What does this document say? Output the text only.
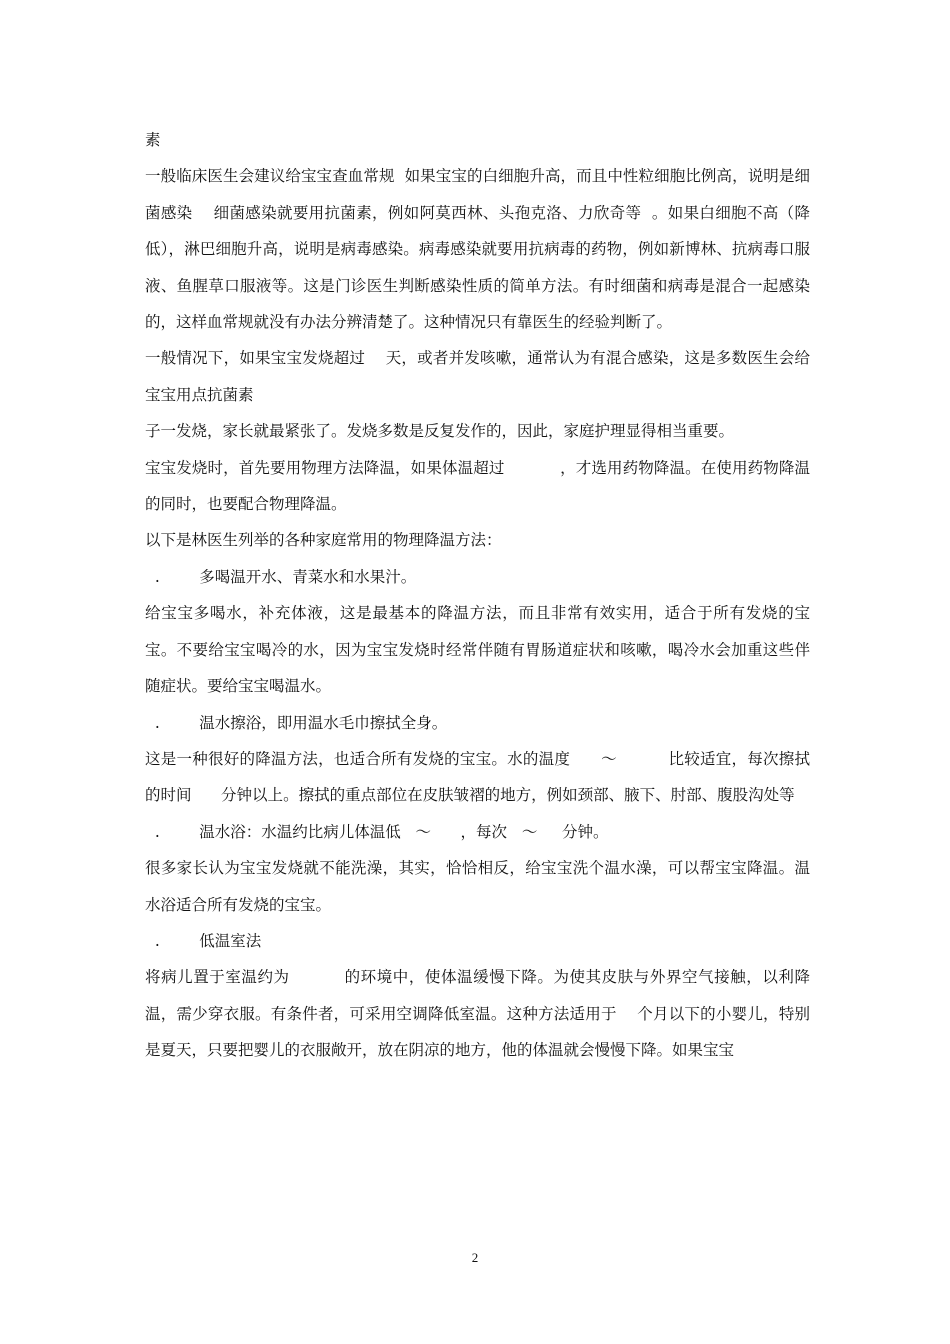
素

一般临床医生会建议给宝宝查血常规  如果宝宝的白细胞升高，而且中性粒细胞比例高，说明是细菌感染    细菌感染就要用抗菌素，例如阿莫西林、头孢克洛、力欣奇等  。如果白细胞不高（降低），淋巴细胞升高，说明是病毒感染。病毒感染就要用抗病毒的药物，例如新博林、抗病毒口服液、鱼腥草口服液等。这是门诊医生判断感染性质的简单方法。有时细菌和病毒是混合一起感染的，这样血常规就没有办法分辨清楚了。这种情况只有靠医生的经验判断了。

一般情况下，如果宝宝发烧超过    天，或者并发咳嗽，通常认为有混合感染，这是多数医生会给宝宝用点抗菌素

子一发烧，家长就最紧张了。发烧多数是反复发作的，因此，家庭护理显得相当重要。

宝宝发烧时，首先要用物理方法降温，如果体温超过           ，才选用药物降温。在使用药物降温的同时，也要配合物理降温。

以下是林医生列举的各种家庭常用的物理降温方法：

.        多喝温开水、青菜水和水果汁。

给宝宝多喝水，补充体液，这是最基本的降温方法，而且非常有效实用，适合于所有发烧的宝宝。不要给宝宝喝冷的水，因为宝宝发烧时经常伴随有胃肠道症状和咳嗽，喝冷水会加重这些伴随症状。要给宝宝喝温水。

.        温水擦浴，即用温水毛巾擦拭全身。

这是一种很好的降温方法，也适合所有发烧的宝宝。水的温度      ～          比较适宜，每次擦拭的时间      分钟以上。擦拭的重点部位在皮肤皱褶的地方，例如颈部、腋下、肘部、腹股沟处等

.        温水浴：水温约比病儿体温低   ～      ，每次   ～     分钟。

很多家长认为宝宝发烧就不能洗澡，其实，恰恰相反，给宝宝洗个温水澡，可以帮宝宝降温。温水浴适合所有发烧的宝宝。

.        低温室法

将病儿置于室温约为          的环境中，使体温缓慢下降。为使其皮肤与外界空气接触，以利降温，需少穿衣服。有条件者，可采用空调降低室温。这种方法适用于    个月以下的小婴儿，特别是夏天，只要把婴儿的衣服敞开，放在阴凉的地方，他的体温就会慢慢下降。如果宝宝

2
